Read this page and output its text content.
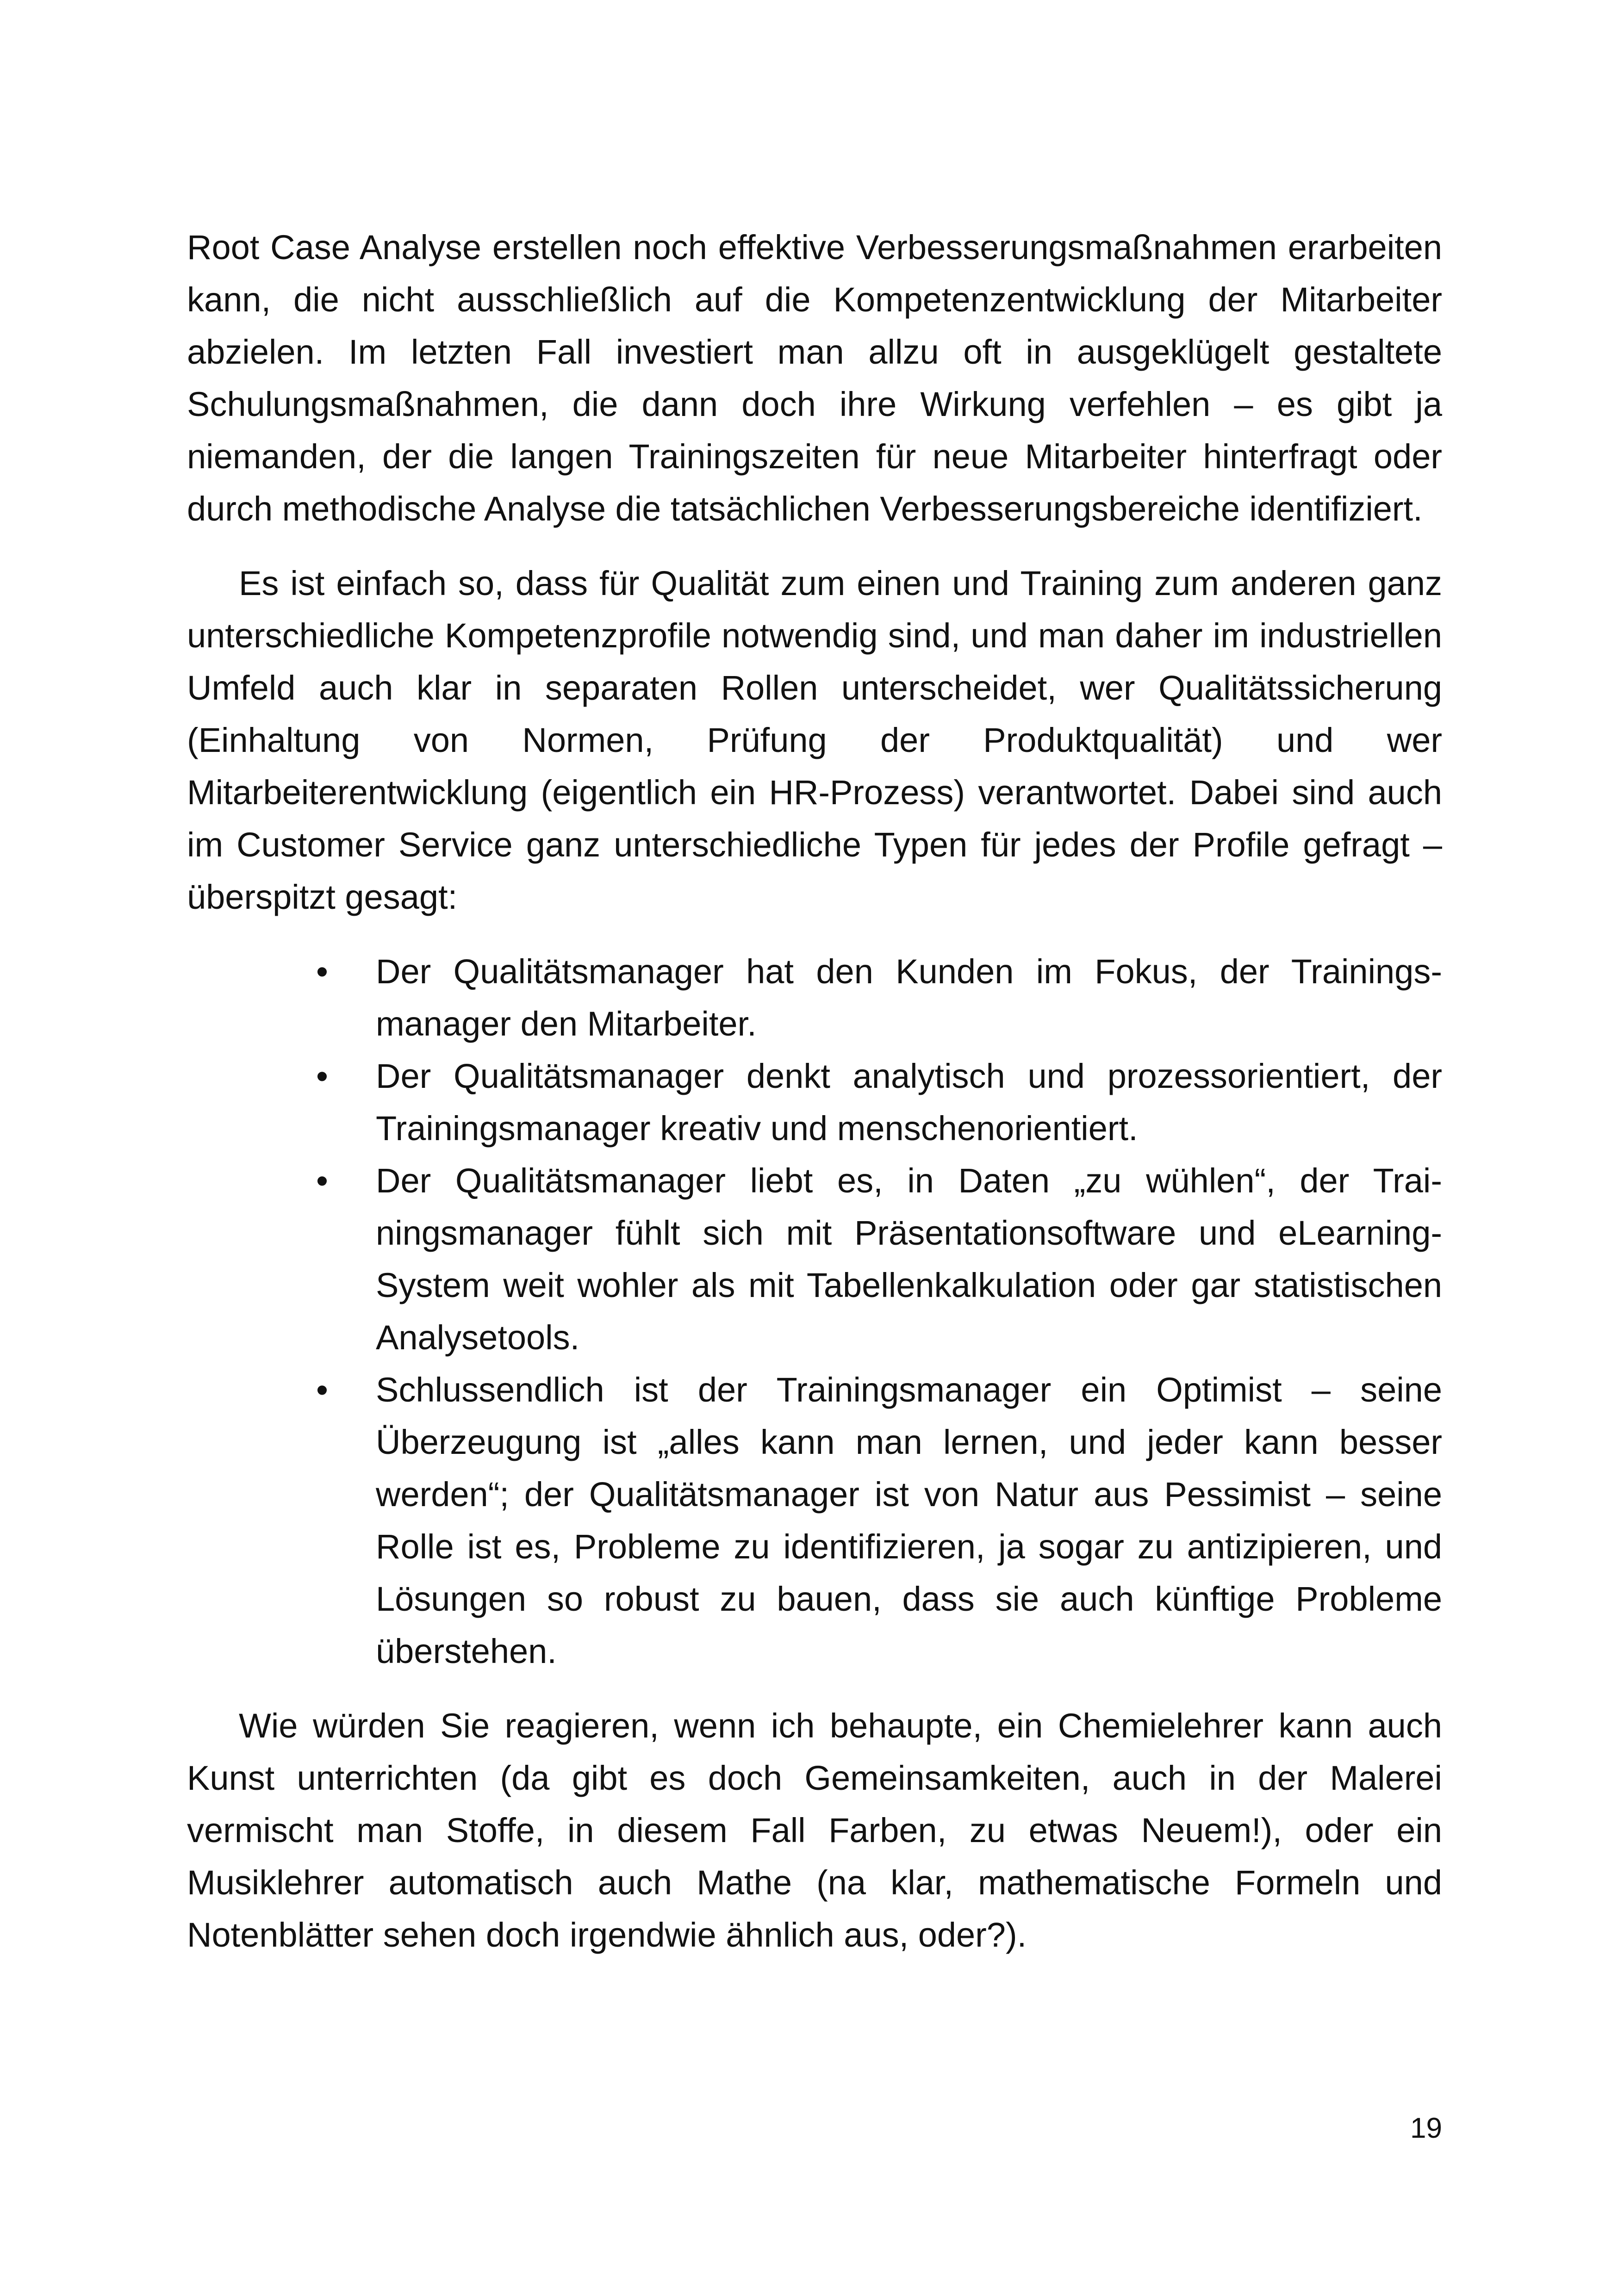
Root Case Analyse erstellen noch effektive Verbesserungsmaßnahmen erarbeiten kann, die nicht ausschließlich auf die Kompetenzentwicklung der Mitarbeiter abzielen. Im letzten Fall investiert man allzu oft in ausgeklügelt gestaltete Schulungsmaßnahmen, die dann doch ihre Wirkung verfehlen – es gibt ja niemanden, der die langen Trainingszeiten für neue Mitarbeiter hinterfragt oder durch methodische Analyse die tatsächlichen Verbesserungsbereiche identifiziert.

Es ist einfach so, dass für Qualität zum einen und Training zum anderen ganz unterschiedliche Kompetenzprofile notwendig sind, und man daher im industriellen Umfeld auch klar in separaten Rollen unterscheidet, wer Qualitätssicherung (Einhaltung von Normen, Prüfung der Produktqualität) und wer Mitarbeiterentwicklung (eigentlich ein HR-Prozess) verantwortet. Dabei sind auch im Customer Service ganz unterschiedliche Typen für jedes der Profile gefragt – überspitzt gesagt:

• Der Qualitätsmanager hat den Kunden im Fokus, der Trainingsmanager den Mitarbeiter.
• Der Qualitätsmanager denkt analytisch und prozessorientiert, der Trainingsmanager kreativ und menschenorientiert.
• Der Qualitätsmanager liebt es, in Daten „zu wühlen“, der Trainingsmanager fühlt sich mit Präsentationsoftware und eLearning-System weit wohler als mit Tabellenkalkulation oder gar statistischen Analysetools.
• Schlussendlich ist der Trainingsmanager ein Optimist – seine Überzeugung ist „alles kann man lernen, und jeder kann besser werden“; der Qualitätsmanager ist von Natur aus Pessimist – seine Rolle ist es, Probleme zu identifizieren, ja sogar zu antizipieren, und Lösungen so robust zu bauen, dass sie auch künftige Probleme überstehen.

Wie würden Sie reagieren, wenn ich behaupte, ein Chemielehrer kann auch Kunst unterrichten (da gibt es doch Gemeinsamkeiten, auch in der Malerei vermischt man Stoffe, in diesem Fall Farben, zu etwas Neuem!), oder ein Musiklehrer automatisch auch Mathe (na klar, mathematische Formeln und Notenblätter sehen doch irgendwie ähnlich aus, oder?).

19
